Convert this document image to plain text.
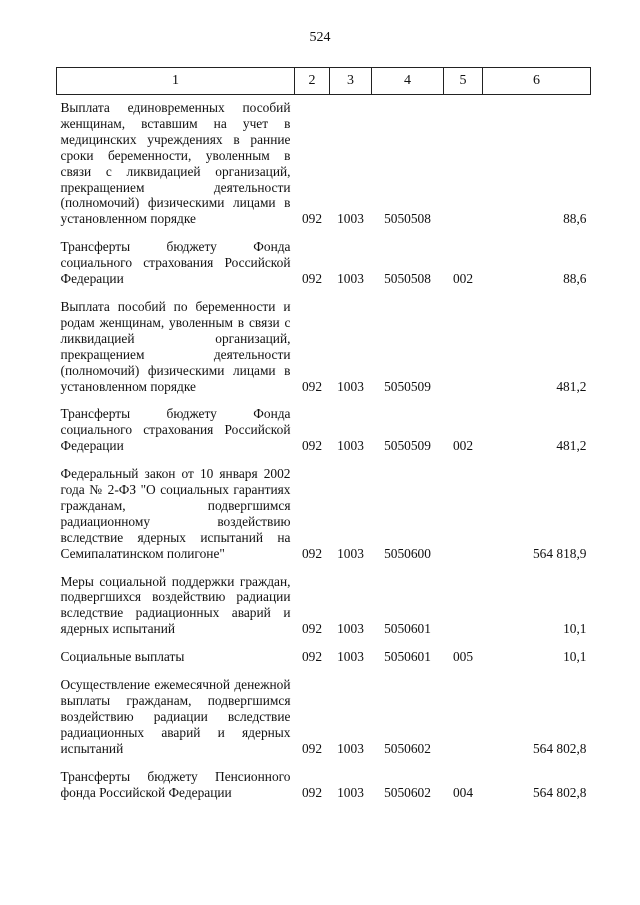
524
1	2	3	4	5	6
Выплата единовременных пособий женщинам, вставшим на учет в медицинских учреждениях в ранние сроки беременности, уволенным в связи с ликвидацией организаций, прекращением деятельности (полномочий) физическими лицами в установленном порядке	092	1003	5050508		88,6
Трансферты бюджету Фонда социального страхования Российской Федерации	092	1003	5050508	002	88,6
Выплата пособий по беременности и родам женщинам, уволенным в связи с ликвидацией организаций, прекращением деятельности (полномочий) физическими лицами в установленном порядке	092	1003	5050509		481,2
Трансферты бюджету Фонда социального страхования Российской Федерации	092	1003	5050509	002	481,2
Федеральный закон от 10 января 2002 года № 2-ФЗ "О социальных гарантиях гражданам, подвергшимся радиационному воздействию вследствие ядерных испытаний на Семипалатинском полигоне"	092	1003	5050600		564 818,9
Меры социальной поддержки граждан, подвергшихся воздействию радиации вследствие радиационных аварий и ядерных испытаний	092	1003	5050601		10,1
Социальные выплаты	092	1003	5050601	005	10,1
Осуществление ежемесячной денежной выплаты гражданам, подвергшимся воздействию радиации вследствие радиационных аварий и ядерных испытаний	092	1003	5050602		564 802,8
Трансферты бюджету Пенсионного фонда Российской Федерации	092	1003	5050602	004	564 802,8
